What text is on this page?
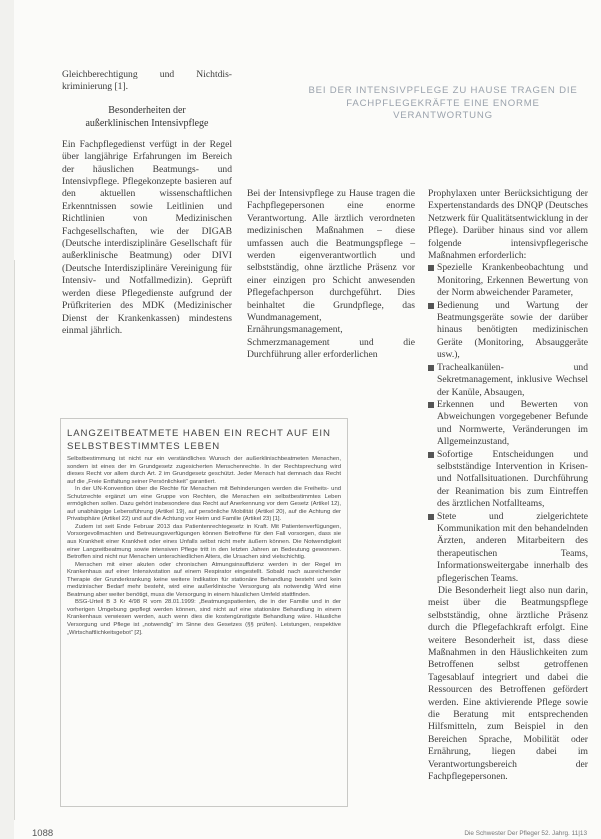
Gleichberechtigung und Nichtdis-kriminierung [1].

Besonderheiten der
außerklinischen Intensivpflege

Ein Fachpflegedienst verfügt in der Regel über langjährige Erfahrungen im Bereich der häuslichen Beatmungs- und Intensivpflege. Pflegekonzepte basieren auf den aktuellen wissenschaftlichen Erkenntnissen sowie Leitlinien und Richtlinien von Medizinischen Fachgesellschaften, wie der DIGAB (Deutsche interdisziplinäre Gesellschaft für außerklinische Beatmung) oder DIVI (Deutsche Interdisziplinäre Vereinigung für Intensiv- und Notfallmedizin). Geprüft werden diese Pflegedienste aufgrund der Prüfkriterien des MDK (Medizinischer Dienst der Krankenkassen) mindestens einmal jährlich.

BEI DER INTENSIVPFLEGE ZU HAUSE TRAGEN DIE FACHPFLEGEKRÄFTE EINE ENORME VERANTWORTUNG

Bei der Intensivpflege zu Hause tragen die Fachpflegepersonen eine enorme Verantwortung. Alle ärztlich verordneten medizinischen Maßnahmen – diese umfassen auch die Beatmungspflege – werden eigenverantwortlich und selbstständig, ohne ärztliche Präsenz vor einer einzigen pro Schicht anwesenden Pflegefachperson durchgeführt. Dies beinhaltet die Grundpflege, das Wundmanagement, Ernährungsmanagement, Schmerzmanagement und die Durchführung aller erforderlichen

Prophylaxen unter Berücksichtigung der Expertenstandards des DNQP (Deutsches Netzwerk für Qualitätsentwicklung in der Pflege). Darüber hinaus sind vor allem folgende intensivpflegerische Maßnahmen erforderlich:

Spezielle Krankenbeobachtung und Monitoring, Erkennen Bewertung von der Norm abweichender Parameter,
Bedienung und Wartung der Beatmungsgeräte sowie der darüber hinaus benötigten medizinischen Geräte (Monitoring, Absauggeräte usw.),
Trachealkanülen- und Sekretmanagement, inklusive Wechsel der Kanüle, Absaugen,
Erkennen und Bewerten von Abweichungen vorgegebener Befunde und Normwerte, Veränderungen im Allgemeinzustand,
Sofortige Entscheidungen und selbstständige Intervention in Krisen- und Notfallsituationen. Durchführung der Reanimation bis zum Eintreffen des ärztlichen Notfallteams,
Stete und zielgerichtete Kommunikation mit den behandelnden Ärzten, anderen Mitarbeitern des therapeutischen Teams, Informationsweitergabe innerhalb des pflegerischen Teams.

Die Besonderheit liegt also nun darin, meist über die Beatmungspflege selbstständig, ohne ärztliche Präsenz durch die Pflegefachkraft erfolgt. Eine weitere Besonderheit ist, dass diese Maßnahmen in den Häuslichkeiten zum Betroffenen selbst getroffenen Tagesablauf integriert und dabei die Ressourcen des Betroffenen gefördert werden. Eine aktivierende Pflege sowie die Beratung mit entsprechenden Hilfsmitteln, zum Beispiel in den Bereichen Sprache, Mobilität oder Ernährung, liegen dabei im Verantwortungsbereich der Fachpflegepersonen.

LANGZEITBEATMETE HABEN EIN RECHT AUF EIN SELBSTBESTIMMTES LEBEN

Selbstbestimmung ist nicht nur ein verständliches Wunsch der außerklinischbeatmeten Menschen, sondern ist eines der im Grundgesetz zugesicherten Menschenrechte. In der Rechtsprechung wird dieses Recht vor allem durch Art. 2 im Grundgesetz geschützt. Jeder Mensch hat demnach das Recht auf die „Freie Entfaltung seiner Persönlichkeit“ garantiert.

In der UN-Konvention über die Rechte für Menschen mit Behinderungen werden die Freiheits- und Schutzrechte ergänzt um eine Gruppe von Rechten, die Menschen ein selbstbestimmtes Leben ermöglichen sollen. Dazu gehört insbesondere das Recht auf Anerkennung vor dem Gesetz (Artikel 12), auf unabhängige Lebensführung (Artikel 19), auf persönliche Mobilität (Artikel 20), auf die Achtung der Privatsphäre (Artikel 22) und auf die Achtung vor Heim und Familie (Artikel 23) [1].

Zudem ist seit Ende Februar 2013 das Patientenrechtegesetz in Kraft. Mit Patientenverfügungen, Vorsorgevollmachten und Betreuungsverfügungen können Betroffene für den Fall vorsorgen, dass sie aus Krankheit einer Krankheit oder eines Unfalls selbst nicht mehr äußern können. Die Notwendigkeit einer Langzeitbeatmung sowie intensiven Pflege tritt in den letzten Jahren an Bedeutung gewonnen. Betroffen sind nicht nur Menschen unterschiedlichen Alters, die Ursachen sind vielschichtig.

Menschen mit einer akuten oder chronischen Atmungsinsuffizienz werden in der Regel im Krankenhaus auf einer Intensivstation auf einem Respirator eingestellt. Sobald nach ausreichender Therapie der Grunderkrankung keine weitere Indikation für stationäre Behandlung besteht und kein medizinischer Bedarf mehr besteht, wird eine außerklinische Versorgung als notwendig Wird eine Beatmung aber weiter benötigt, muss die Versorgung in einem häuslichen Umfeld stattfinden.

BSG-Urteil B 3 Kr 4/98 R vom 28.01.1999: „Beatmungspatienten, die in der Familie und in der vorherigen Umgebung gepflegt werden können, sind nicht auf eine stationäre Behandlung in einem Krankenhaus verwiesen werden, auch wenn dies die kostengünstigste Behandlung wäre. Häusliche Versorgung und Pflege ist „notwendig“ im Sinne des Gesetzes (§§ prüfen). Leistungen, respektive „Wirtschaftlichkeitsgebot“ [2].

1088	Die Schwester Der Pfleger 52. Jahrg. 11|13
